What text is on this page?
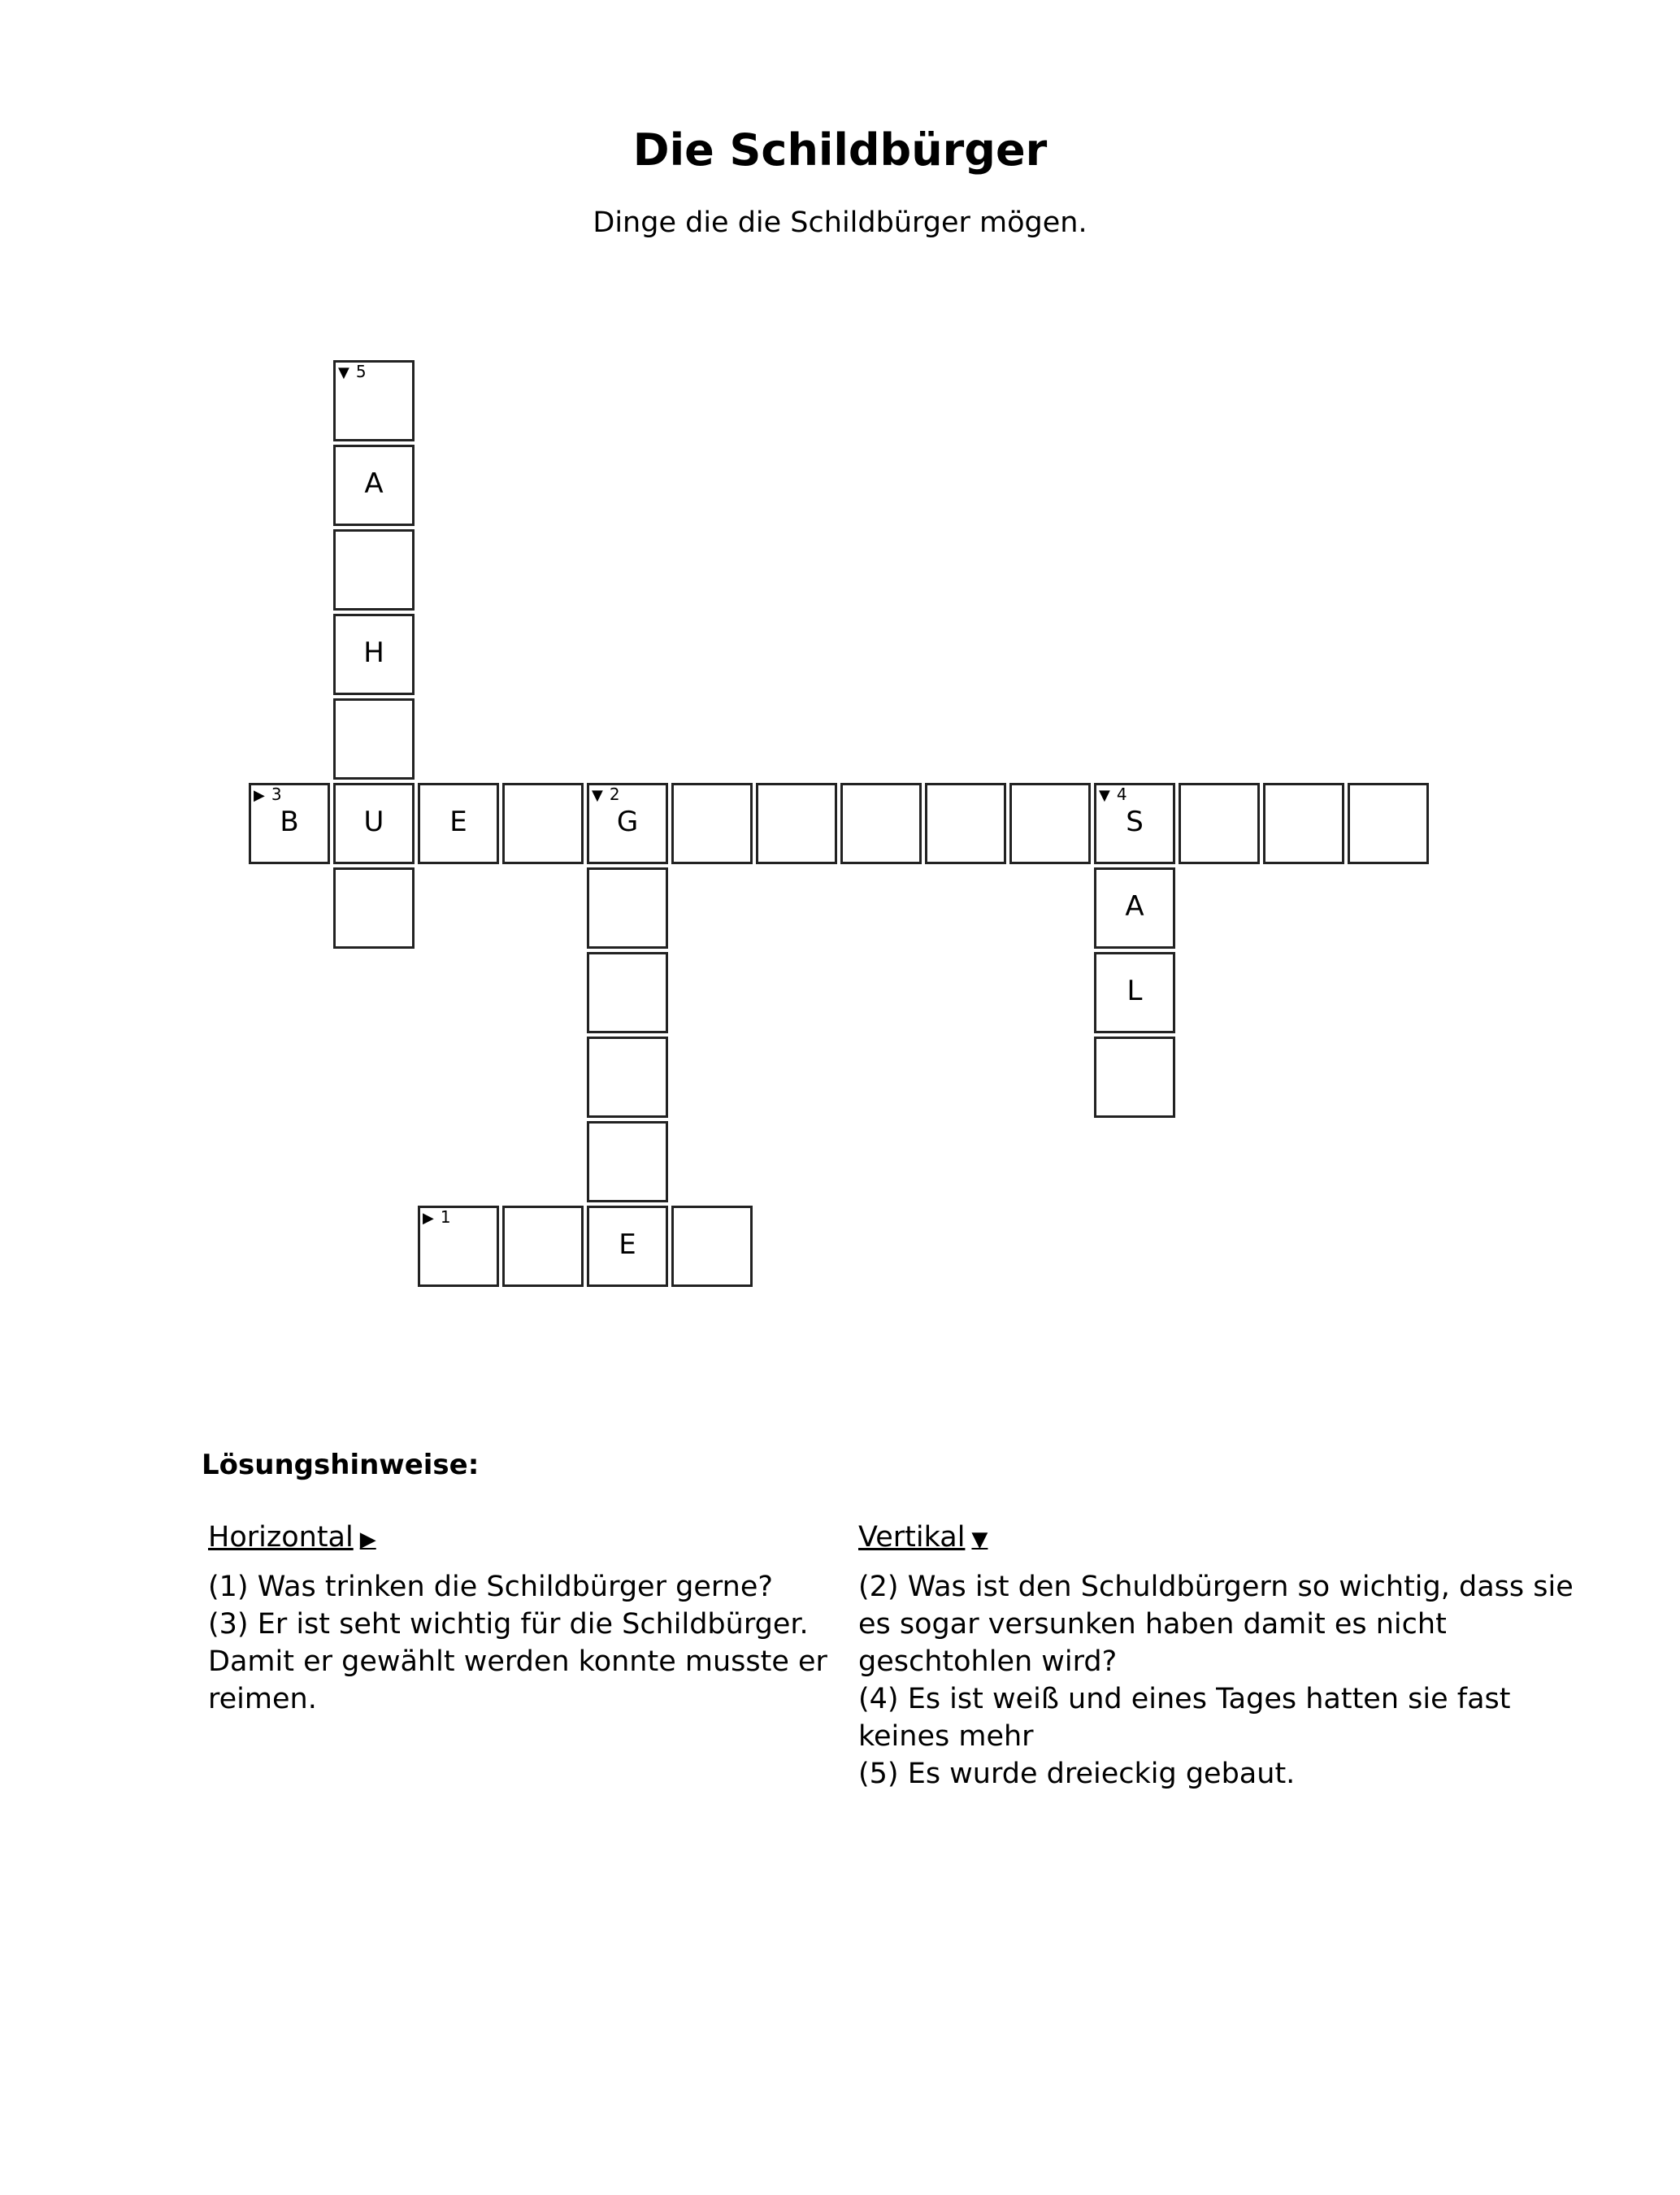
Die Schildbürger
Dinge die die Schildbürger mögen.
▼ 5
A
H
▶ 3
B	U	E
▼ 2
G
▼ 4
S
A
L
▶ 1
E
Lösungshinweise:
Horizontal ▶
(1) Was trinken die Schildbürger gerne?
(3) Er ist seht wichtig für die Schildbürger. Damit er gewählt werden konnte musste er reimen.
Vertikal ▼
(2) Was ist den Schuldbürgern so wichtig, dass sie es sogar versunken haben damit es nicht geschtohlen wird?
(4) Es ist weiß und eines Tages hatten sie fast keines mehr
(5) Es wurde dreieckig gebaut.
